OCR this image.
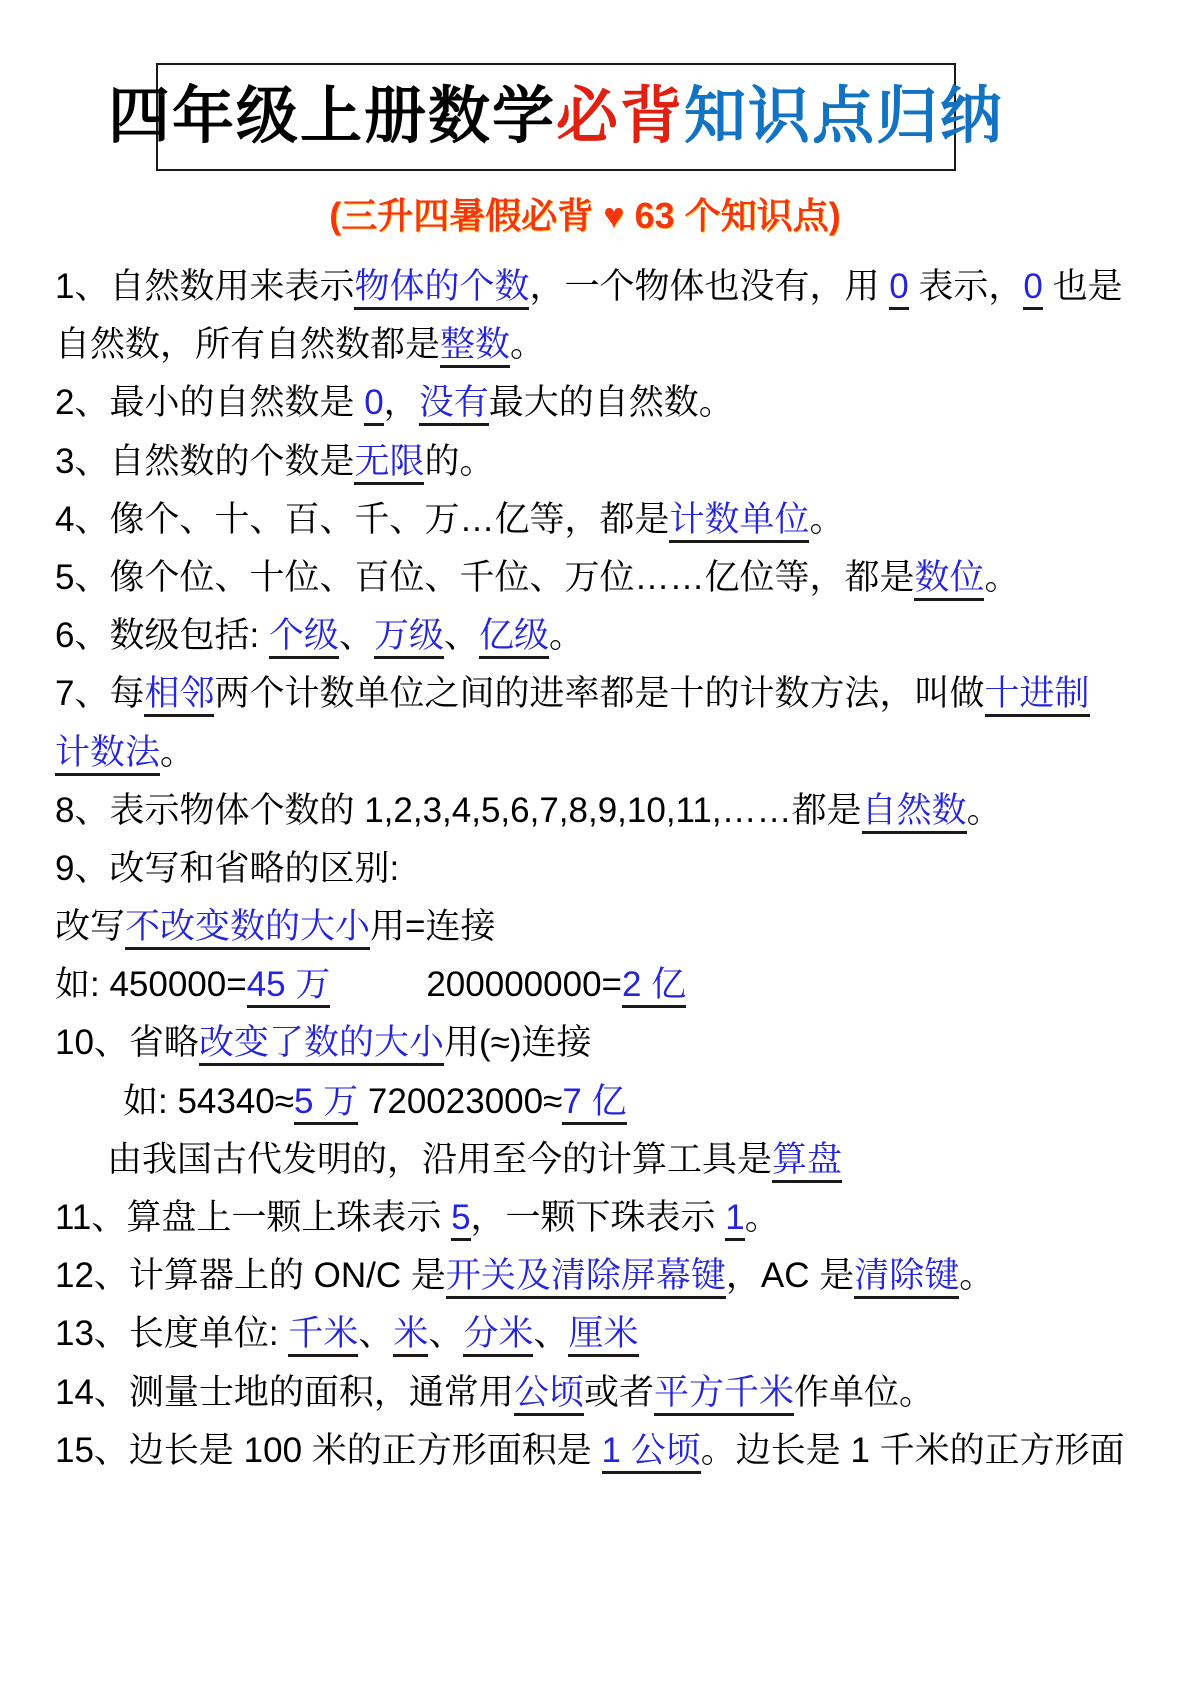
四年级上册数学 必背 知识点归纳
(三升四暑假必背 ♥ 63 个知识点)
1、自然数用来表示物体的个数，一个物体也没有，用 0 表示，0 也是
自然数，所有自然数都是整数。
2、最小的自然数是 0，没有最大的自然数。
3、自然数的个数是无限的。
4、像个、十、百、千、万…亿等，都是计数单位。
5、像个位、十位、百位、千位、万位……亿位等，都是数位。
6、数级包括: 个级、万级、亿级。
7、每相邻两个计数单位之间的进率都是十的计数方法，叫做十进制
计数法。
8、表示物体个数的 1,2,3,4,5,6,7,8,9,10,11,……都是自然数。
9、改写和省略的区别:
改写不改变数的大小用=连接
如: 450000=45 万	200000000=2 亿
10、省略改变了数的大小用(≈)连接
如: 54340≈5 万 720023000≈7 亿
由我国古代发明的，沿用至今的计算工具是算盘
11、算盘上一颗上珠表示 5，一颗下珠表示 1。
12、计算器上的 ON/C 是开关及清除屏幕键，AC 是清除键。
13、长度单位: 千米、米、分米、厘米
14、测量士地的面积，通常用公顷或者平方千米作单位。
15、边长是 100 米的正方形面积是 1 公顷。边长是 1 千米的正方形面
